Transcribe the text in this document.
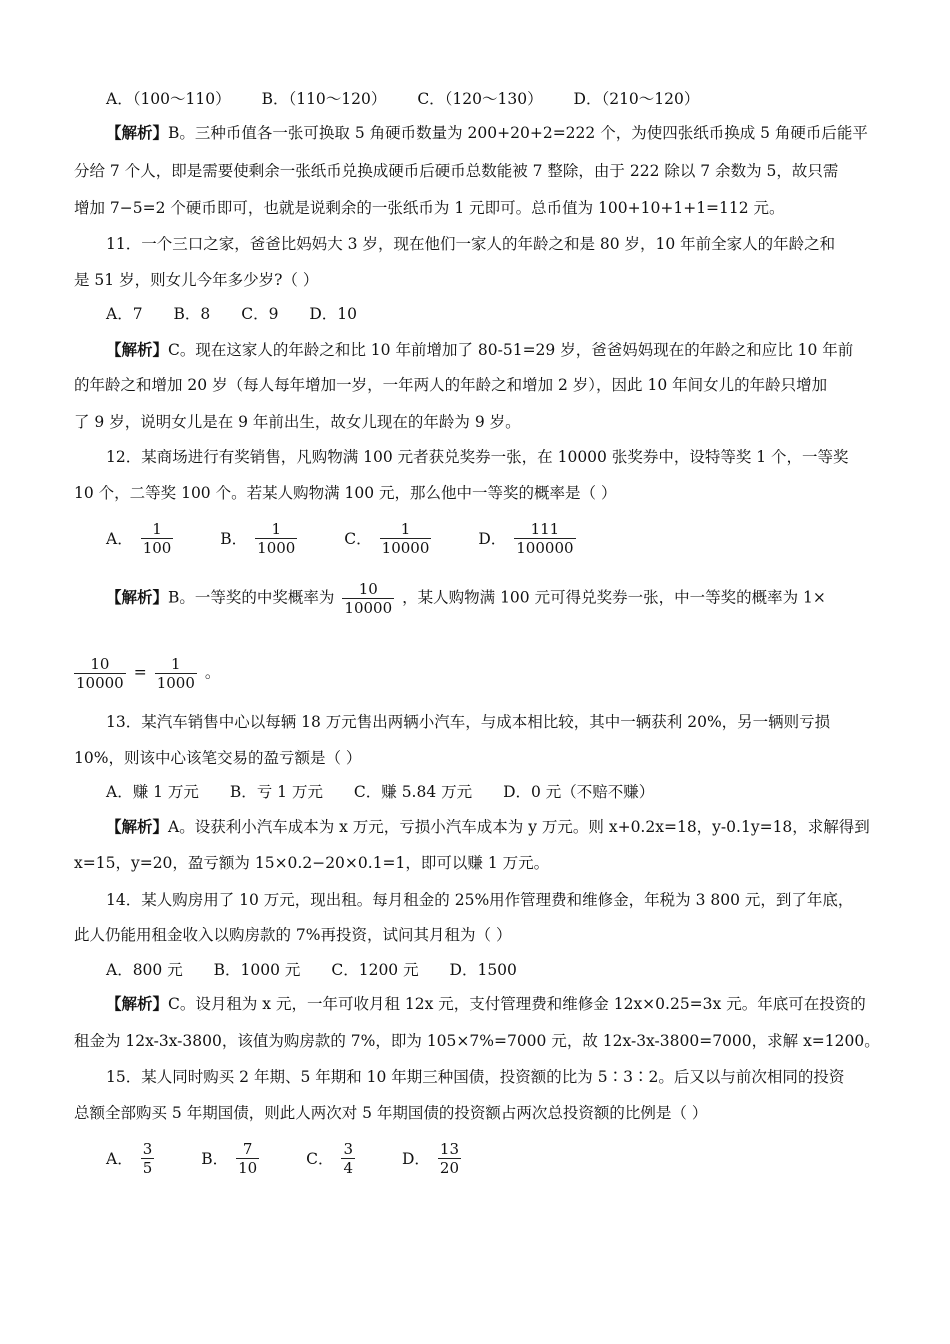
A．（100～110） B．（110～120） C．（120～130） D．（210～120）
【解析】B。三种币值各一张可换取 5 角硬币数量为 200+20+2=222 个，为使四张纸币换成 5 角硬币后能平
分给 7 个人，即是需要使剩余一张纸币兑换成硬币后硬币总数能被 7 整除，由于 222 除以 7 余数为 5，故只需
增加 7−5=2 个硬币即可，也就是说剩余的一张纸币为 1 元即可。总币值为 100+10+1+1=112 元。
11．一个三口之家，爸爸比妈妈大 3 岁，现在他们一家人的年龄之和是 80 岁，10 年前全家人的年龄之和
是 51 岁，则女儿今年多少岁?（ ）
A．7 B．8 C．9 D．10
【解析】C。现在这家人的年龄之和比 10 年前增加了 80-51=29 岁，爸爸妈妈现在的年龄之和应比 10 年前
的年龄之和增加 20 岁（每人每年增加一岁，一年两人的年龄之和增加 2 岁），因此 10 年间女儿的年龄只增加
了 9 岁，说明女儿是在 9 年前出生，故女儿现在的年龄为 9 岁。
12．某商场进行有奖销售，凡购物满 100 元者获兑奖券一张，在 10000 张奖券中，设特等奖 1 个，一等奖
10 个，二等奖 100 个。若某人购物满 100 元，那么他中一等奖的概率是（ ）
A． $\frac{1}{100}$
	B． $\frac{1}{1000}$
	C． $\frac{1}{10000}$
	D． $\frac{111}{100000}$
【解析】B。一等奖的中奖概率为 $\frac{10}{10000}$ ，某人购物满 100 元可得兑奖券一张，中一等奖的概率为 1×
$\frac{10}{10000} = \frac{1}{1000}$ 。
13．某汽车销售中心以每辆 18 万元售出两辆小汽车，与成本相比较，其中一辆获利 20%，另一辆则亏损
10%，则该中心该笔交易的盈亏额是（ ）
A．赚 1 万元 B．亏 1 万元 C．赚 5.84 万元 D．0 元（不赔不赚）
【解析】A。设获利小汽车成本为 x 万元，亏损小汽车成本为 y 万元。则 x+0.2x=18，y-0.1y=18，求解得到
x=15，y=20，盈亏额为 15×0.2−20×0.1=1，即可以赚 1 万元。
14．某人购房用了 10 万元，现出租。每月租金的 25%用作管理费和维修金，年税为 3 800 元，到了年底，
此人仍能用租金收入以购房款的 7%再投资，试问其月租为（ ）
A．800 元 B．1000 元 C．1200 元 D．1500
【解析】C。设月租为 x 元，一年可收月租 12x 元，支付管理费和维修金 12x×0.25=3x 元。年底可在投资的
租金为 12x-3x-3800，该值为购房款的 7%，即为 105×7%=7000 元，故 12x-3x-3800=7000，求解 x=1200。
15．某人同时购买 2 年期、5 年期和 10 年期三种国债，投资额的比为 5∶3∶2。后又以与前次相同的投资
总额全部购买 5 年期国债，则此人两次对 5 年期国债的投资额占两次总投资额的比例是（ ）
A． $\frac{3}{5}$
	B． $\frac{7}{10}$
	C． $\frac{3}{4}$
	D． $\frac{13}{20}$
